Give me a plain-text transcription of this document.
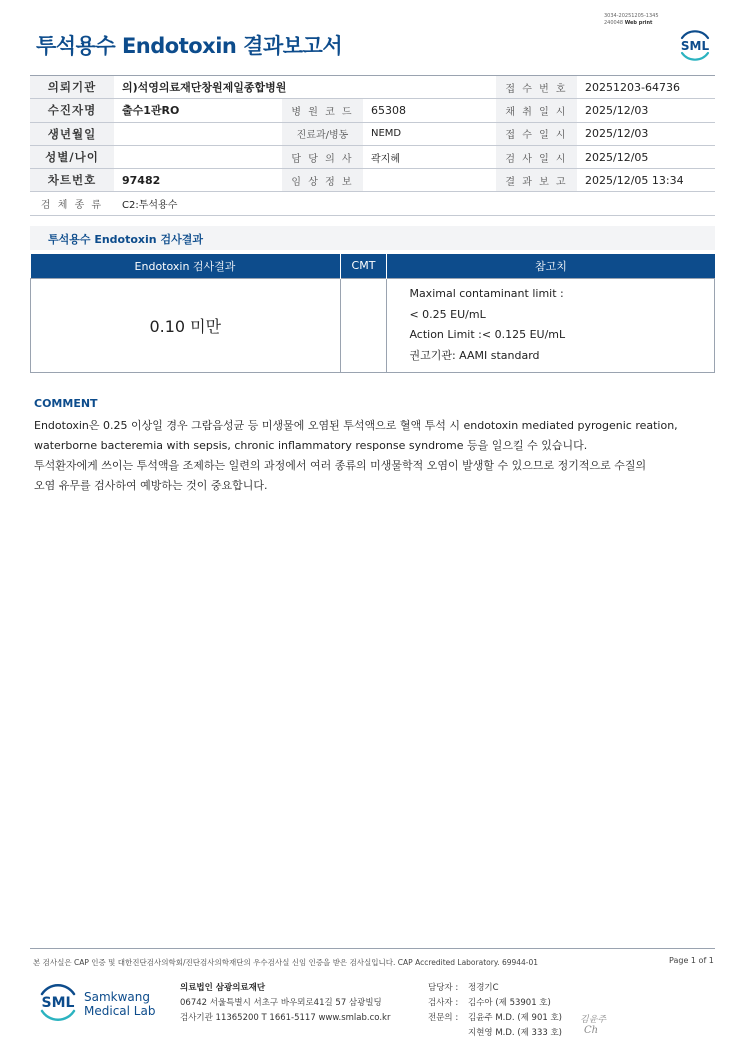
3034-20251205-1345
240048 Web print
투석용수 Endotoxin 결과보고서	SML
의뢰기관	의)석영의료재단창원제일종합병원			접 수 번 호	20251203-64736
수진자명	출수1관RO	병 원 코 드	65308	채 취 일 시	2025/12/03
생년월일		진료과/병동	NEMD	접 수 일 시	2025/12/03
성별/나이		담 당 의 사	곽지혜	검 사 일 시	2025/12/05
차트번호	97482	임 상 정 보		결 과 보 고	2025/12/05 13:34
검 체 종 류	C2:투석용수				
투석용수 Endotoxin 검사결과
Endotoxin 검사결과	CMT	참고치
0.10 미만		Maximal contaminant limit :
< 0.25 EU/mL
Action Limit :< 0.125 EU/mL
권고기관: AAMI standard
COMMENT
Endotoxin은 0.25 이상일 경우 그람음성균 등 미생물에 오염된 투석액으로 혈액 투석 시 endotoxin mediated pyrogenic reation,
waterborne bacteremia with sepsis, chronic inflammatory response syndrome 등을 일으킬 수 있습니다.
투석환자에게 쓰이는 투석액을 조제하는 일련의 과정에서 여러 종류의 미생물학적 오염이 발생할 수 있으므로 정기적으로 수질의
오염 유무를 검사하여 예방하는 것이 중요합니다.
본 검사실은 CAP 인증 및 대한진단검사의학회/진단검사의학재단의 우수검사실 신임 인증을 받은 검사실입니다. CAP Accredited Laboratory. 69944-01	Page 1 of 1
SML Samkwang
Medical Lab
의료법인 삼광의료재단
06742 서울특별시 서초구 바우뫼로41길 57 삼광빌딩
검사기관 11365200 T 1661-5117 www.smlab.co.kr
담당자 :	정경기C
검사자 :	김수아 (제 53901 호)
전문의 :	김윤주 M.D. (제 901 호)
지현영 M.D. (제 333 호)
김윤주
Ch
